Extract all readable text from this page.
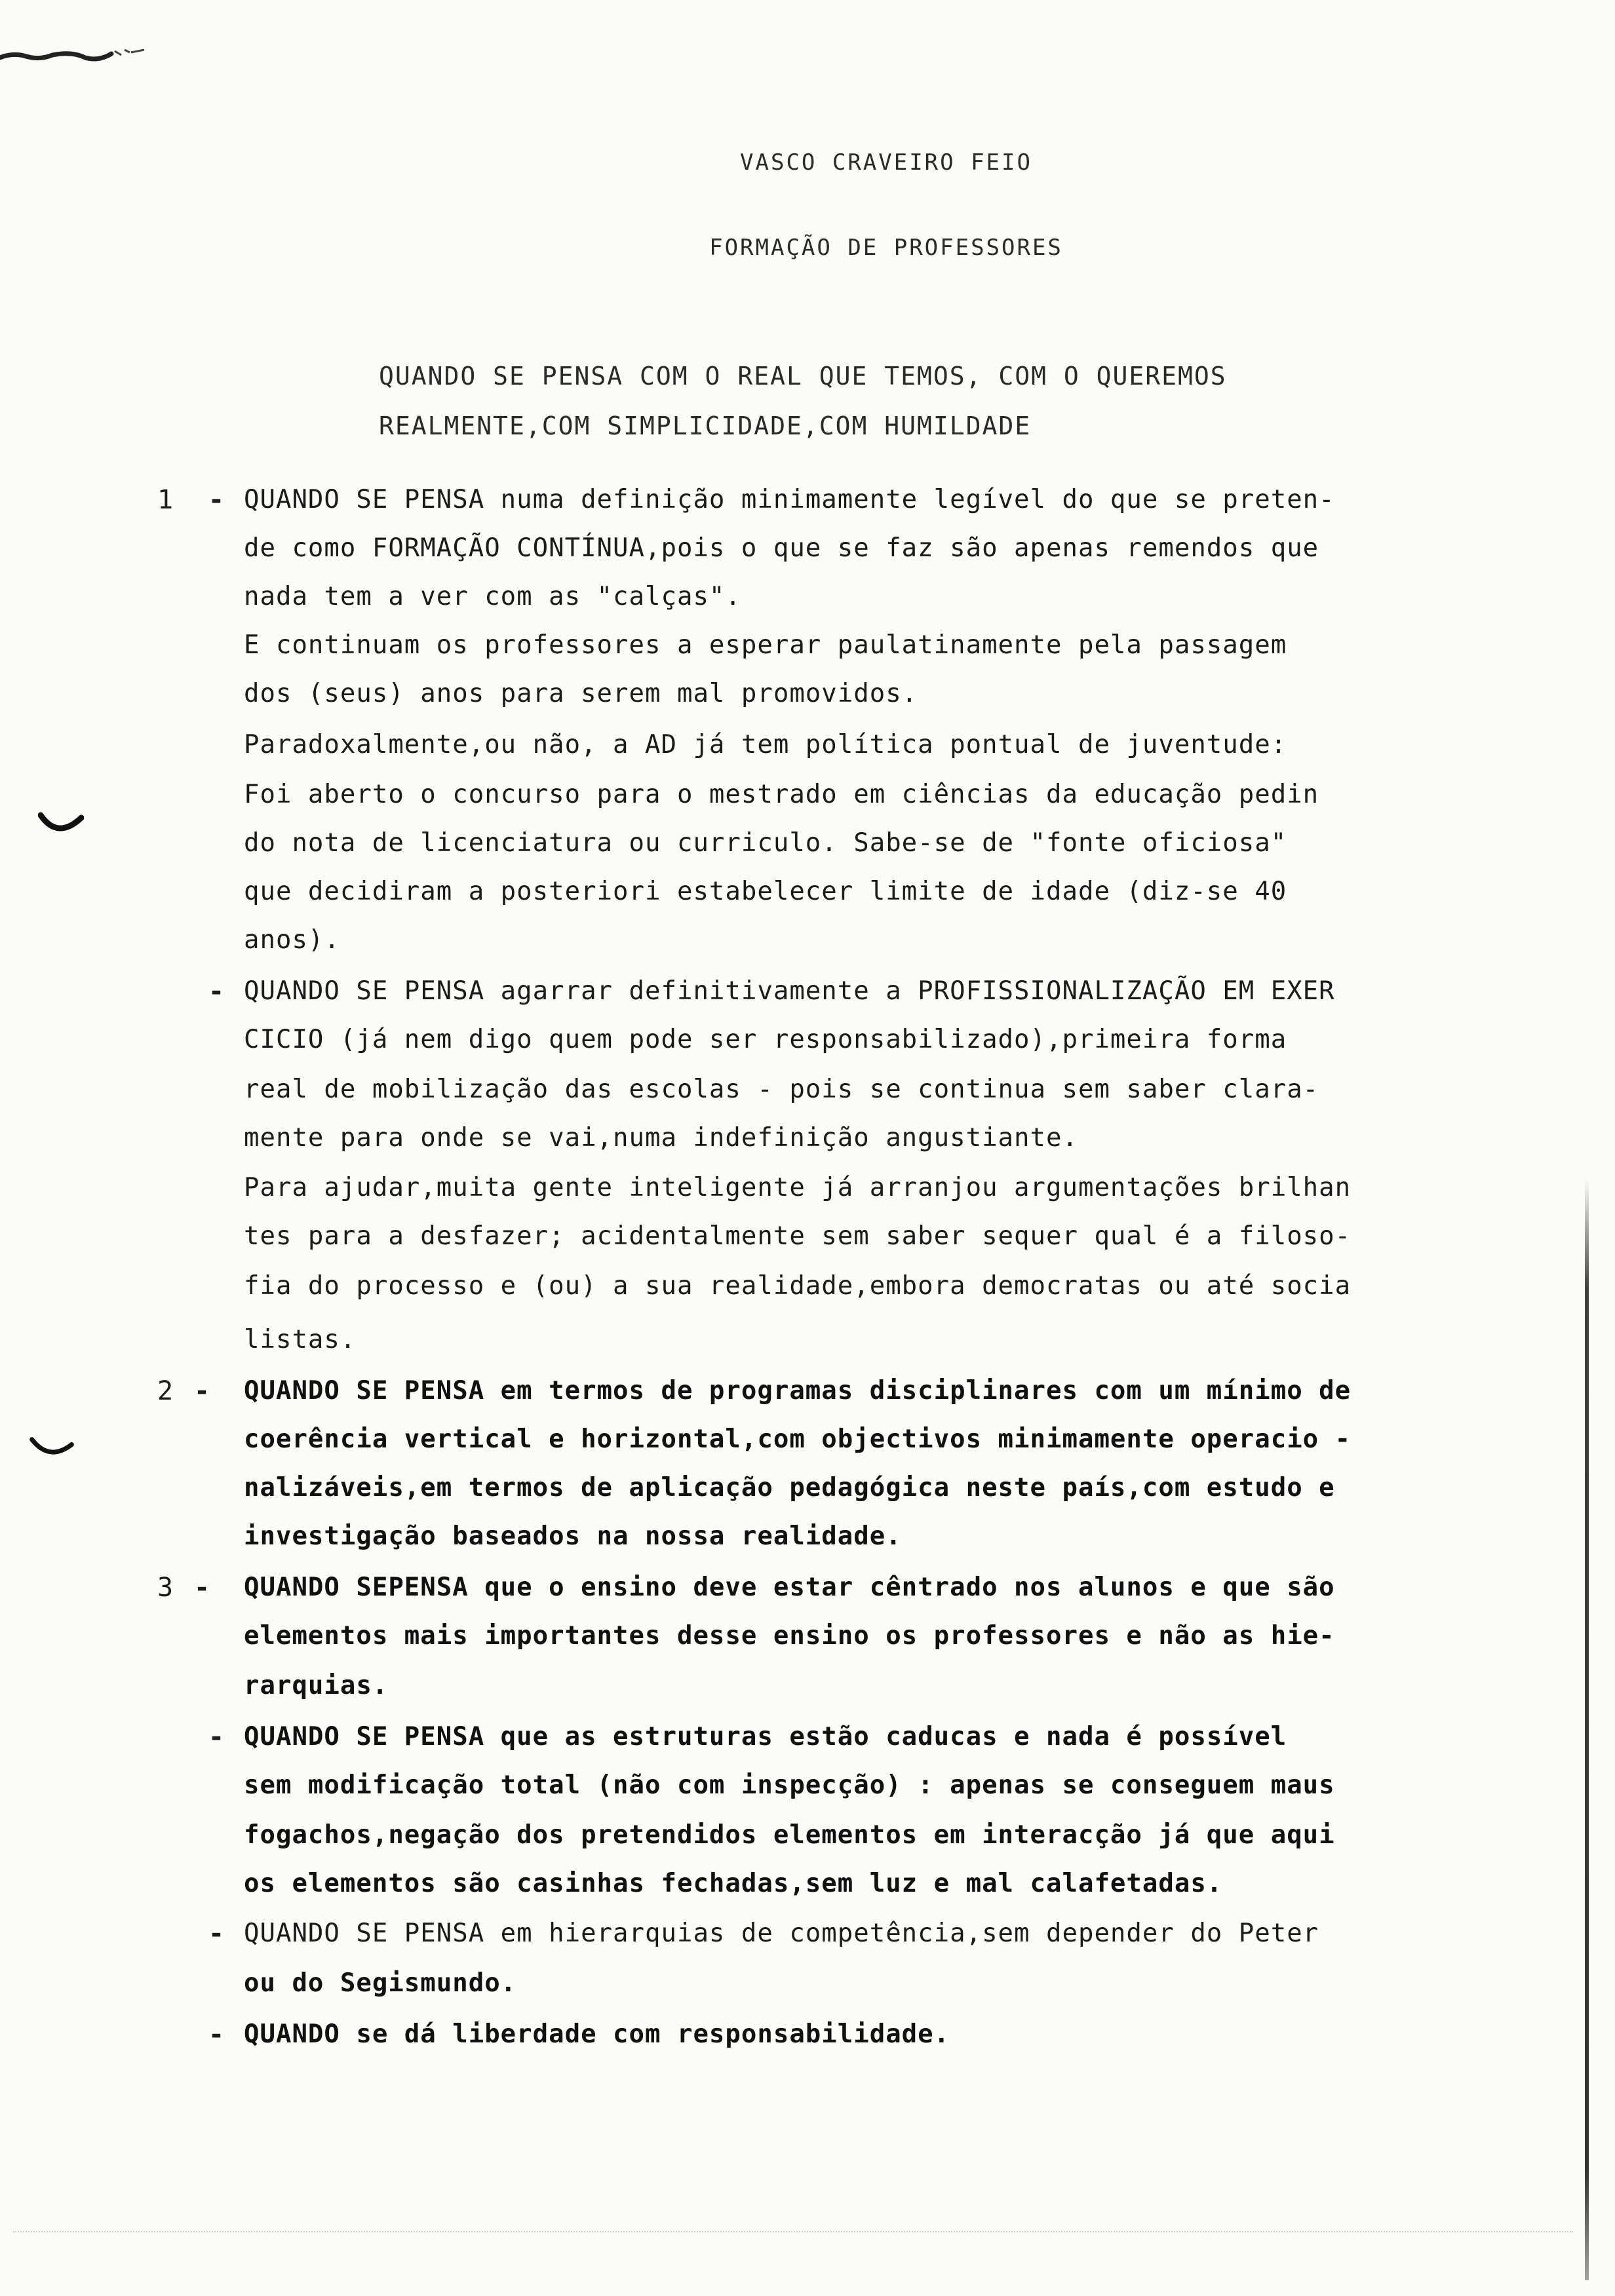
VASCO CRAVEIRO FEIO
FORMAÇÃO DE PROFESSORES
QUANDO SE PENSA COM O REAL QUE TEMOS, COM O QUEREMOS
REALMENTE,COM SIMPLICIDADE,COM HUMILDADE
1 - QUANDO SE PENSA numa definição minimamente legível do que se preten-
de como FORMAÇÃO CONTÍNUA,pois o que se faz são apenas remendos que
nada tem a ver com as "calças".
E continuam os professores a esperar paulatinamente pela passagem
dos (seus) anos para serem mal promovidos.
Paradoxalmente,ou não, a AD já tem política pontual de juventude:
Foi aberto o concurso para o mestrado em ciências da educação pedin
do nota de licenciatura ou curriculo. Sabe-se de "fonte oficiosa"
que decidiram a posteriori estabelecer limite de idade (diz-se 40
anos).
- QUANDO SE PENSA agarrar definitivamente a PROFISSIONALIZAÇÃO EM EXER
CICIO (já nem digo quem pode ser responsabilizado),primeira forma
real de mobilização das escolas - pois se continua sem saber clara-
mente para onde se vai,numa indefinição angustiante.
Para ajudar,muita gente inteligente já arranjou argumentações brilhan
tes para a desfazer; acidentalmente sem saber sequer qual é a filoso-
fia do processo e (ou) a sua realidade,embora democratas ou até socia
listas.
2 - QUANDO SE PENSA em termos de programas disciplinares com um mínimo de
coerência vertical e horizontal,com objectivos minimamente operacio -
nalizáveis,em termos de aplicação pedagógica neste país,com estudo e
investigação baseados na nossa realidade.
3 - QUANDO SEPENSA que o ensino deve estar cêntrado nos alunos e que são
elementos mais importantes desse ensino os professores e não as hie-
rarquias.
- QUANDO SE PENSA que as estruturas estão caducas e nada é possível
sem modificação total (não com inspecção) : apenas se conseguem maus
fogachos,negação dos pretendidos elementos em interacção já que aqui
os elementos são casinhas fechadas,sem luz e mal calafetadas.
- QUANDO SE PENSA em hierarquias de competência,sem depender do Peter
ou do Segismundo.
- QUANDO se dá liberdade com responsabilidade.
